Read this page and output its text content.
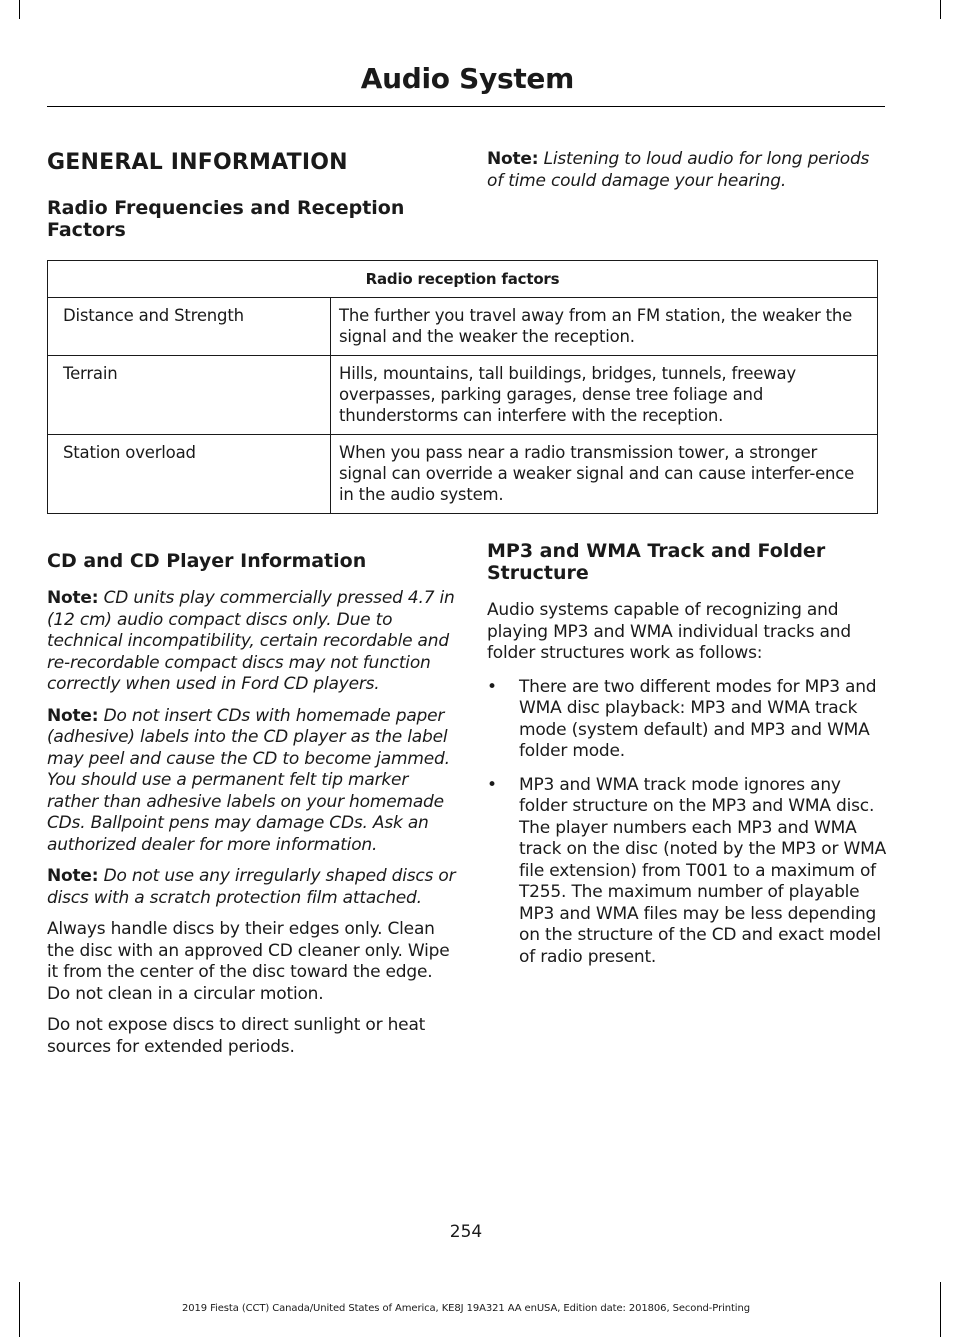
Audio System
GENERAL INFORMATION
Radio Frequencies and Reception Factors

Note: Listening to loud audio for long periods of time could damage your hearing.

Radio reception factors	
Distance and Strength	The further you travel away from an FM station, the weaker the signal and the weaker the reception.
Terrain	Hills, mountains, tall buildings, bridges, tunnels, freeway overpasses, parking garages, dense tree foliage and thunderstorms can interfere with the reception.
Station overload	When you pass near a radio transmission tower, a stronger signal can override a weaker signal and can cause interfer-ence in the audio system.
CD and CD Player Information

Note: CD units play commercially pressed 4.7 in (12 cm) audio compact discs only. Due to technical incompatibility, certain recordable and re-recordable compact discs may not function correctly when used in Ford CD players.

Note: Do not insert CDs with homemade paper (adhesive) labels into the CD player as the label may peel and cause the CD to become jammed. You should use a permanent felt tip marker rather than adhesive labels on your homemade CDs. Ballpoint pens may damage CDs. Ask an authorized dealer for more information.

Note: Do not use any irregularly shaped discs or discs with a scratch protection film attached.

Always handle discs by their edges only. Clean the disc with an approved CD cleaner only. Wipe it from the center of the disc toward the edge. Do not clean in a circular motion.

Do not expose discs to direct sunlight or heat sources for extended periods.

MP3 and WMA Track and Folder Structure

Audio systems capable of recognizing and playing MP3 and WMA individual tracks and folder structures work as follows:

• There are two different modes for MP3 and WMA disc playback: MP3 and WMA track mode (system default) and MP3 and WMA folder mode.
• MP3 and WMA track mode ignores any folder structure on the MP3 and WMA disc. The player numbers each MP3 and WMA track on the disc (noted by the MP3 or WMA file extension) from T001 to a maximum of T255. The maximum number of playable MP3 and WMA files may be less depending on the structure of the CD and exact model of radio present.
254
2019 Fiesta (CCT) Canada/United States of America, KE8J 19A321 AA enUSA, Edition date: 201806, Second-Printing
